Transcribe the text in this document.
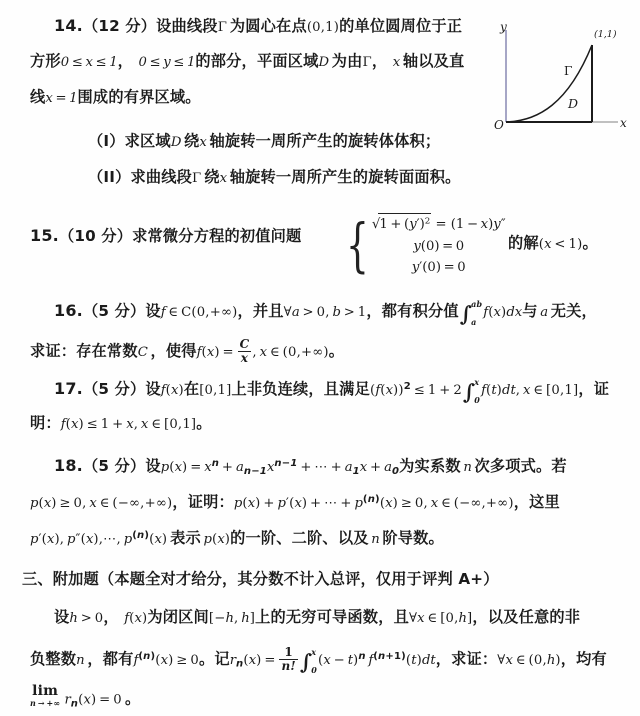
y
x
O
(1,1)
Γ
D
14.（12 分）设曲线段Γ 为圆心在点(0,1)的单位圆周位于正
方形0 ≤ x ≤ 1， 0 ≤ y ≤ 1的部分，平面区域D 为由Γ， x 轴以及直
线x = 1围成的有界区域。
（I）求区域D 绕x 轴旋转一周所产生的旋转体体积；
（II）求曲线段Γ 绕x 轴旋转一周所产生的旋转面面积。
15.（10 分）求常微分方程的初值问题 { $√1 + (y')^2 = (1 - x)y''$
y(0) = 0
y′(0) = 0
的解(x < 1)。
16.（5 分）设f ∈ C(0,+∞)，并且∀a > 0, b > 1，都有积分值∫ ab
a
f(x)dx与 a 无关，
求证：存在常数C ，使得$f(x) = \frac{C}{x}$ , x ∈ (0,+∞)。
17.（5 分）设f(x)在[0,1]上非负连续，且满足$(f(x))^2 \le 1 + 2\int$ x
0
f(t)dt, x ∈ [0,1]，证
明：f(x) ≤ 1 + x, x ∈ [0,1]。
18.（5 分）设$p(x) = x^n + a_{n-1}x^{n-1}$ + ⋯ + $a_1x + a_0$为实系数 n 次多项式。若
p(x) ≥ 0, x ∈ (−∞,+∞)，证明：p(x) + p′(x) + ⋯ + $p^{(n)}(x) \ge 0$, x ∈ (−∞,+∞)，这里
p′(x), p″(x),⋯, $p^{(n)}(x)$ 表示 p(x)的一阶、二阶、以及 n 阶导数。
三、附加题（本题全对才给分，其分数不计入总评，仅用于评判 A+）
设h > 0， f(x)为闭区间[−h, h]上的无穷可导函数，且∀x ∈ [0,h]，以及任意的非
负整数n ，都有$f^{(n)}(x) \ge 0$。记$r_n(x) = \frac{1}{n!}$ ∫ x
0
$(x - t)^n$ $f^{(n+1)}(t)dt$，求证：∀x ∈ (0,h)，均有
lim
n → +∞ $r_n(x) = 0$ 。
